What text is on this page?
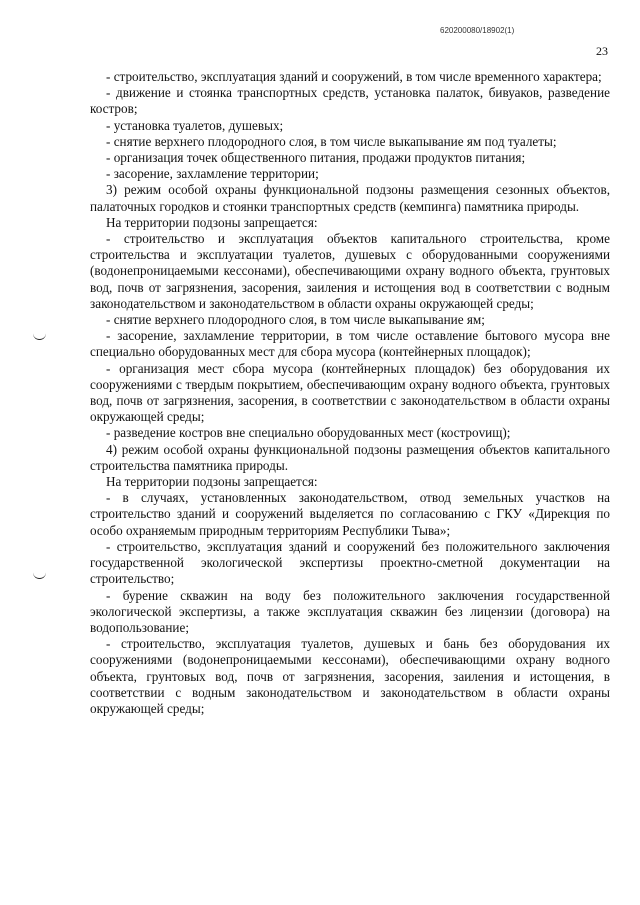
620200080/18902(1)
23

- строительство, эксплуатация зданий и сооружений, в том числе временного характера;

- движение и стоянка транспортных средств, установка палаток, бивуаков, разведение костров;

- установка туалетов, душевых;

- снятие верхнего плодородного слоя, в том числе выкапывание ям под туалеты;

- организация точек общественного питания, продажи продуктов питания;

- засорение, захламление территории;

3) режим особой охраны функциональной подзоны размещения сезонных объектов, палаточных городков и стоянки транспортных средств (кемпинга) памятника природы.

На территории подзоны запрещается:

- строительство и эксплуатация объектов капитального строительства, кроме строительства и эксплуатации туалетов, душевых с оборудованными сооружениями (водонепроницаемыми кессонами), обеспечивающими охрану водного объекта, грунтовых вод, почв от загрязнения, засорения, заиления и истощения вод в соответствии с водным законодательством и законодательством в области охраны окружающей среды;

- снятие верхнего плодородного слоя, в том числе выкапывание ям;

- засорение, захламление территории, в том числе оставление бытового мусора вне специально оборудованных мест для сбора мусора (контейнерных площадок);

- организация мест сбора мусора (контейнерных площадок) без оборудования их сооружениями с твердым покрытием, обеспечивающим охрану водного объекта, грунтовых вод, почв от загрязнения, засорения, в соответствии с законодательством в области охраны окружающей среды;

- разведение костров вне специально оборудованных мест (кострovищ);

4) режим особой охраны функциональной подзоны размещения объектов капитального строительства памятника природы.

На территории подзоны запрещается:

- в случаях, установленных законодательством, отвод земельных участков на строительство зданий и сооружений выделяется по согласованию с ГКУ «Дирекция по особо охраняемым природным территориям Республики Тыва»;

- строительство, эксплуатация зданий и сооружений без положительного заключения государственной экологической экспертизы проектно-сметной документации на строительство;

- бурение скважин на воду без положительного заключения государственной экологической экспертизы, а также эксплуатация скважин без лицензии (договора) на водопользование;

- строительство, эксплуатация туалетов, душевых и бань без оборудования их сооружениями (водонепроницаемыми кессонами), обеспечивающими охрану водного объекта, грунтовых вод, почв от загрязнения, засорения, заиления и истощения, в соответствии с водным законодательством и законодательством в области охраны окружающей среды;
